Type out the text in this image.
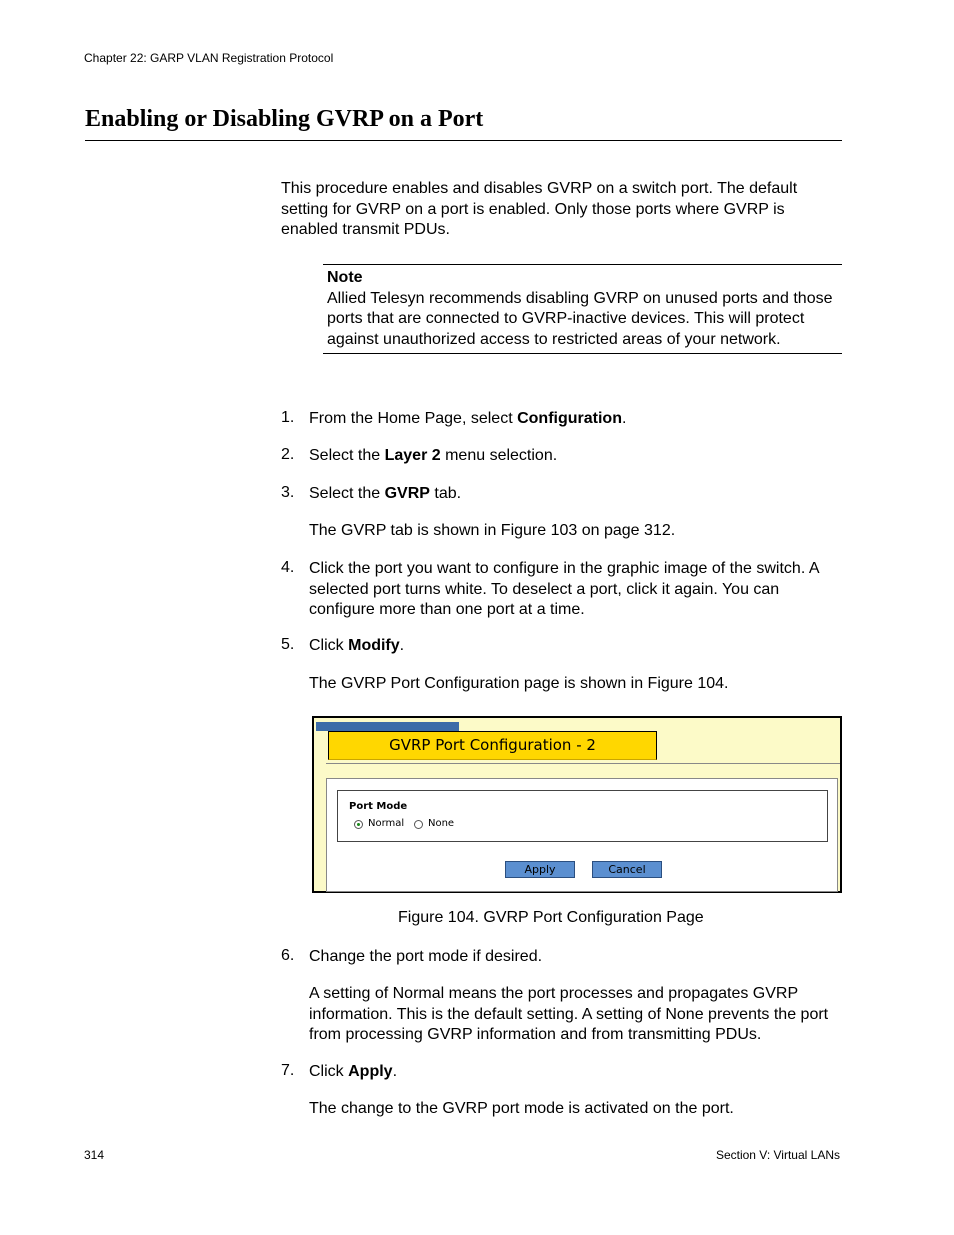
Chapter 22: GARP VLAN Registration Protocol
Enabling or Disabling GVRP on a Port
This procedure enables and disables GVRP on a switch port. The default setting for GVRP on a port is enabled. Only those ports where GVRP is enabled transmit PDUs.
Note
Allied Telesyn recommends disabling GVRP on unused ports and those ports that are connected to GVRP-inactive devices. This will protect against unauthorized access to restricted areas of your network.
1. From the Home Page, select Configuration.
2. Select the Layer 2 menu selection.
3. Select the GVRP tab.
The GVRP tab is shown in Figure 103 on page 312.
4. Click the port you want to configure in the graphic image of the switch. A selected port turns white. To deselect a port, click it again. You can configure more than one port at a time.
5. Click Modify.
The GVRP Port Configuration page is shown in Figure 104.
GVRP Port Configuration - 2
Port Mode
Normal None
Apply	Cancel
Figure 104. GVRP Port Configuration Page
6. Change the port mode if desired.
A setting of Normal means the port processes and propagates GVRP information. This is the default setting. A setting of None prevents the port from processing GVRP information and from transmitting PDUs.
7. Click Apply.
The change to the GVRP port mode is activated on the port.
314	Section V: Virtual LANs
